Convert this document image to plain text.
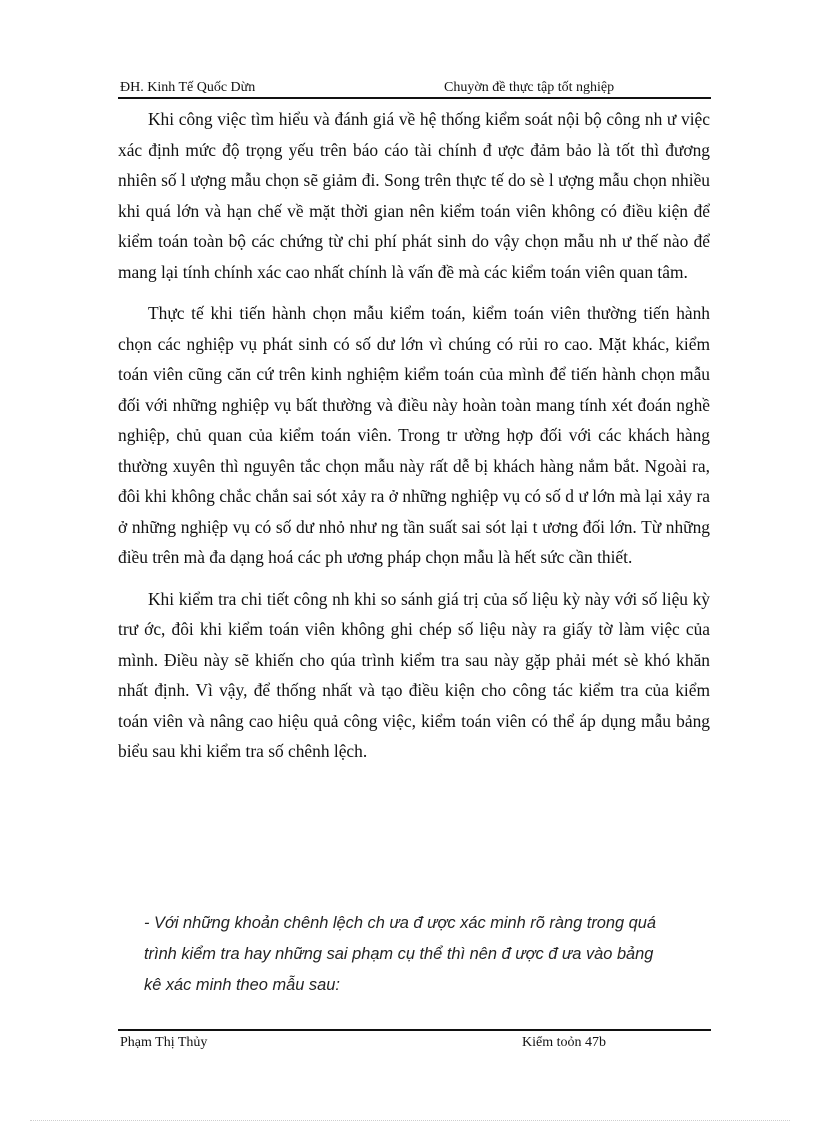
ĐH. Kinh Tế Quốc Dừn	Chuyờn đề thực tập tốt nghiệp

Khi công việc tìm hiểu và đánh giá về hệ thống kiểm soát nội bộ công nh ư việc xác định mức độ trọng yếu trên báo cáo tài chính đ ược đảm bảo là tốt thì đương nhiên số l ượng mẫu chọn sẽ giảm đi. Song trên thực tế do sè l ượng mẫu chọn nhiều khi quá lớn và hạn chế về mặt thời gian nên kiểm toán viên không có điều kiện để kiểm toán toàn bộ các chứng từ chi phí phát sinh do vậy chọn mẫu nh ư thế nào để mang lại tính chính xác cao nhất chính là vấn đề mà các kiểm toán viên quan tâm.

Thực tế khi tiến hành chọn mẫu kiểm toán, kiểm toán viên thường tiến hành chọn các nghiệp vụ phát sinh có số dư lớn vì chúng có rủi ro cao. Mặt khác, kiểm toán viên cũng căn cứ trên kinh nghiệm kiểm toán của mình để tiến hành chọn mẫu đối với những nghiệp vụ bất thường và điều này hoàn toàn mang tính xét đoán nghề nghiệp, chủ quan của kiểm toán viên. Trong tr ường hợp đối với các khách hàng thường xuyên thì nguyên tắc chọn mẫu này rất dễ bị khách hàng nắm bắt. Ngoài ra, đôi khi không chắc chắn sai sót xảy ra ở những nghiệp vụ có số d ư lớn mà lại xảy ra ở những nghiệp vụ có số dư nhỏ như ng tần suất sai sót lại t ương đối lớn. Từ những điều trên mà đa dạng hoá các ph ương pháp chọn mẫu là hết sức cần thiết.

Khi kiểm tra chi tiết công nh khi so sánh giá trị của số liệu kỳ này với số liệu kỳ trư ớc, đôi khi kiểm toán viên không ghi chép số liệu này ra giấy tờ làm việc của mình. Điều này sẽ khiến cho qúa trình kiểm tra sau này gặp phải mét sè khó khăn nhất định. Vì vậy, để thống nhất và tạo điều kiện cho công tác kiểm tra của kiểm toán viên và nâng cao hiệu quả công việc, kiểm toán viên có thể áp dụng mẫu bảng biểu sau khi kiểm tra số chênh lệch.

- Với những khoản chênh lệch ch ưa đ ược xác minh rõ ràng trong quá

trình kiểm tra hay những sai phạm cụ thể thì nên đ ược đ ưa vào bảng

kê xác minh theo mẫu sau:

Phạm Thị Thủy	Kiểm toỏn 47b
